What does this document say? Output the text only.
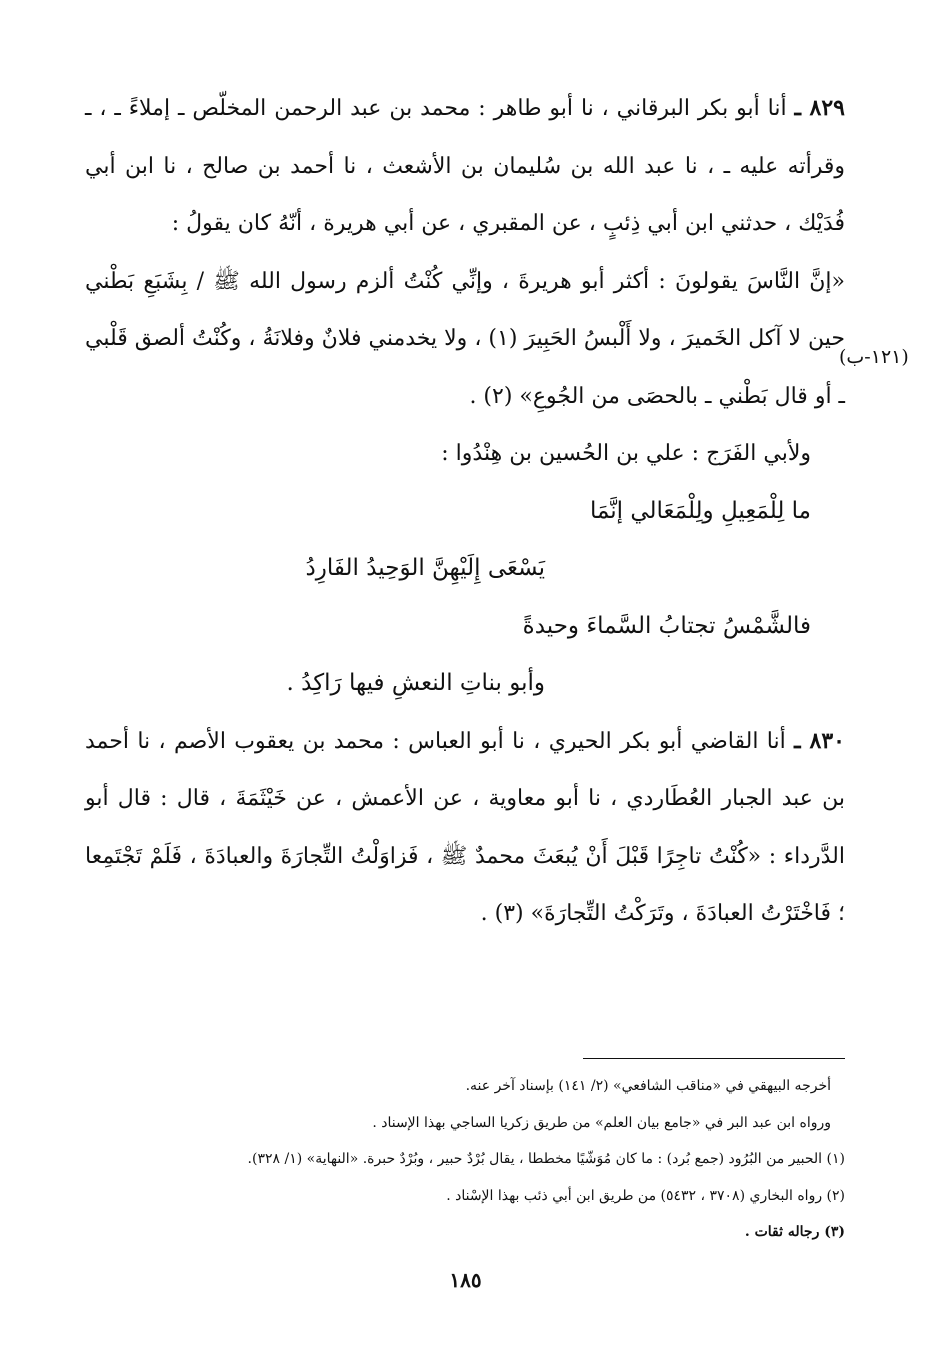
٨٢٩ ـ أنا أبو بكر البرقاني ، نا أبو طاهر : محمد بن عبد الرحمن المخلّص ـ إملاءً ـ ، ـ وقرأته عليه ـ ، نا عبد الله بن سُليمان بن الأشعث ، نا أحمد بن صالح ، نا ابن أبي فُدَيْك ، حدثني ابن أبي ذِئبٍ ، عن المقبري ، عن أبي هريرة ، أنّهُ كان يقولُ :

«إنَّ النَّاسَ يقولونَ : أكثر أبو هريرةَ ، وإنِّي كُنْتُ ألزم رسول الله ﷺ / بِشَبَعِ بَطْني حين لا آكل الخَميرَ ، ولا أَلْبسُ الحَبِيرَ (١) ، ولا يخدمني فلانٌ وفلانَةُ ، وكُنْتُ ألصق قَلْبي ـ أو قال بَطْني ـ بالحصَى من الجُوعِ» (٢) .

ولأبي الفَرَج : علي بن الحُسين بن هِنْدُوا :

ما لِلْمَعِيلِ ولِلْمَعَالي إنَّمَا

يَسْعَى إِلَيْهِنَّ الوَحِيدُ الفَارِدُ

فالشَّمْسُ تجتابُ السَّماءَ وحيدةً

وأبو بناتِ النعشِ فيها رَاكِدُ .

٨٣٠ ـ أنا القاضي أبو بكر الحيري ، نا أبو العباس : محمد بن يعقوب الأصم ، نا أحمد بن عبد الجبار العُطَاردي ، نا أبو معاوية ، عن الأعمش ، عن خَيْثَمَةَ ، قال : قال أبو الدَّرداء : «كُنْتُ تاجِرًا قَبْلَ أَنْ يُبعَثَ محمدٌ ﷺ ، فَزاوَلْتُ التِّجارَةَ والعبادَةَ ، فَلَمْ تَجْتَمِعا ؛ فَاخْتَرْتُ العبادَةَ ، وتَرَكْتُ التِّجارَةَ» (٣) .

(١٢١-ب)

أخرجه البيهقي في «مناقب الشافعي» (٢/ ١٤١) بإسناد آخر عنه.

ورواه ابن عبد البر في «جامع بيان العلم» من طريق زكريا الساجي بهذا الإسناد .

(١) الحبير من البُرُود (جمع بُرد) : ما كان مُوَشّيًا مخططا ، يقال بُرْدٌ حبير ، وبُرْدٌ حبرة. «النهاية» (١/ ٣٢٨).

(٢) رواه البخاري (٣٧٠٨ ، ٥٤٣٢) من طريق ابن أبي ذئب بهذا الإسْناد .

(٣) رجاله ثقات .

١٨٥
